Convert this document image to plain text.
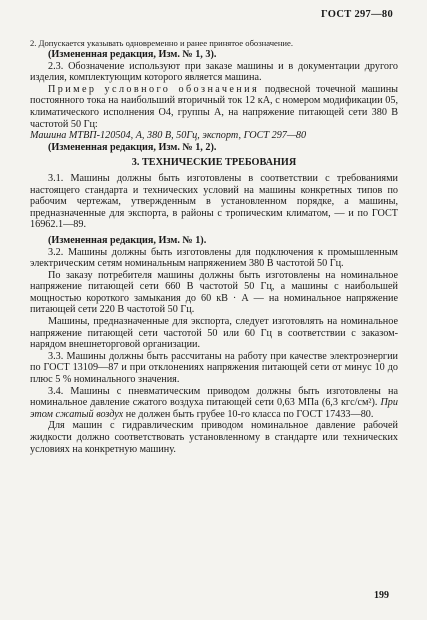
ГОСТ 297—80

2. Допускается указывать одновременно и ранее принятое обозначение.

(Измененная редакция, Изм. № 1, 3).

2.3. Обозначение используют при заказе машины и в документации другого изделия, комплектующим которого является машина.

Пример условного обозначения подвесной точечной машины постоянного тока на наибольший вторичный ток 12 кА, с номером модификации 05, климатического исполнения О4, группы А, на напряжение питающей сети 380 В частотой 50 Гц:

Машина МТВП-120504, А, 380 В, 50Гц, экспорт, ГОСТ 297—80

(Измененная редакция, Изм. № 1, 2).

3. ТЕХНИЧЕСКИЕ ТРЕБОВАНИЯ

3.1. Машины должны быть изготовлены в соответствии с требованиями настоящего стандарта и технических условий на машины конкретных типов по рабочим чертежам, утвержденным в установленном порядке, а машины, предназначенные для экспорта, в районы с тропическим климатом, — и по ГОСТ 16962.1—89.

(Измененная редакция, Изм. № 1).

3.2. Машины должны быть изготовлены для подключения к промышленным электрическим сетям номинальным напряжением 380 В частотой 50 Гц.

По заказу потребителя машины должны быть изготовлены на номинальное напряжение питающей сети 660 В частотой 50 Гц, а машины с наибольшей мощностью короткого замыкания до 60 кВ · А — на номинальное напряжение питающей сети 220 В частотой 50 Гц.

Машины, предназначенные для экспорта, следует изготовлять на номинальное напряжение питающей сети частотой 50 или 60 Гц в соответствии с заказом-нарядом внешнеторговой организации.

3.3. Машины должны быть рассчитаны на работу при качестве электроэнергии по ГОСТ 13109—87 и при отклонениях напряжения питающей сети от минус 10 до плюс 5 % номинального значения.

3.4. Машины с пневматическим приводом должны быть изготовлены на номинальное давление сжатого воздуха питающей сети 0,63 МПа (6,3 кгс/см²). При этом сжатый воздух не должен быть грубее 10-го класса по ГОСТ 17433—80.

Для машин с гидравлическим приводом номинальное давление рабочей жидкости должно соответствовать установленному в стандарте или технических условиях на конкретную машину.

199
